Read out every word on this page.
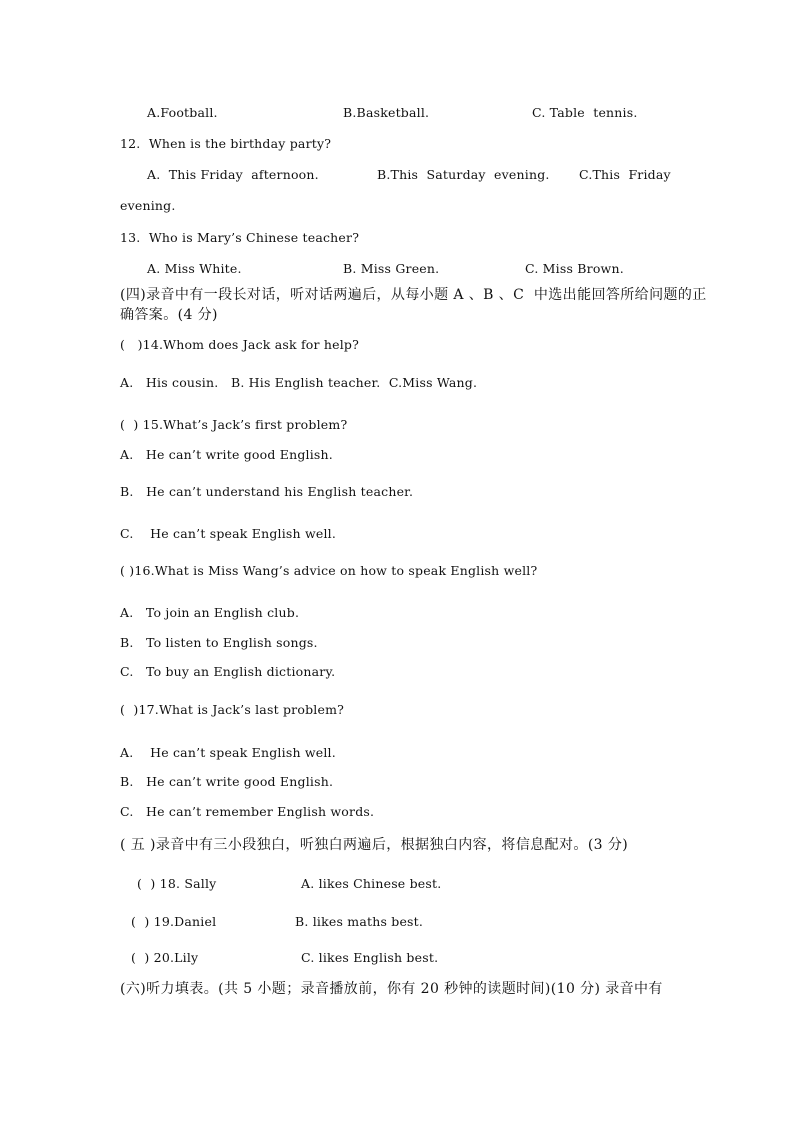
A.Football.	B.Basketball.	C. Table  tennis.
12.  When is the birthday party?
A.  This Friday  afternoon.	B.This  Saturday  evening. C.This  Friday
evening.
13.  Who is Mary’s Chinese teacher?
A. Miss White.	B. Miss Green.	C. Miss Brown.
(四)录音中有一段长对话，听对话两遍后，从每小题 A 、B 、C  中选出能回答所给问题的正
确答案。(4 分)
(   )14.Whom does Jack ask for help?
A.   His cousin.   B. His English teacher.  C.Miss Wang.
(  ) 15.What’s Jack’s first problem?
A.   He can’t write good English.
B.   He can’t understand his English teacher.
C.    He can’t speak English well.
( )16.What is Miss Wang’s advice on how to speak English well?
A.   To join an English club.
B.   To listen to English songs.
C.   To buy an English dictionary.
(  )17.What is Jack’s last problem?
A.    He can’t speak English well.
B.   He can’t write good English.
C.   He can’t remember English words.
( 五 )录音中有三小段独白，听独白两遍后，根据独白内容，将信息配对。(3 分)
(  ) 18. Sally	A. likes Chinese best.
(  ) 19.Daniel	B. likes maths best.
(  ) 20.Lily	C. likes English best.
(六)听力填表。(共 5 小题；录音播放前，你有 20 秒钟的读题时间)(10 分) 录音中有
